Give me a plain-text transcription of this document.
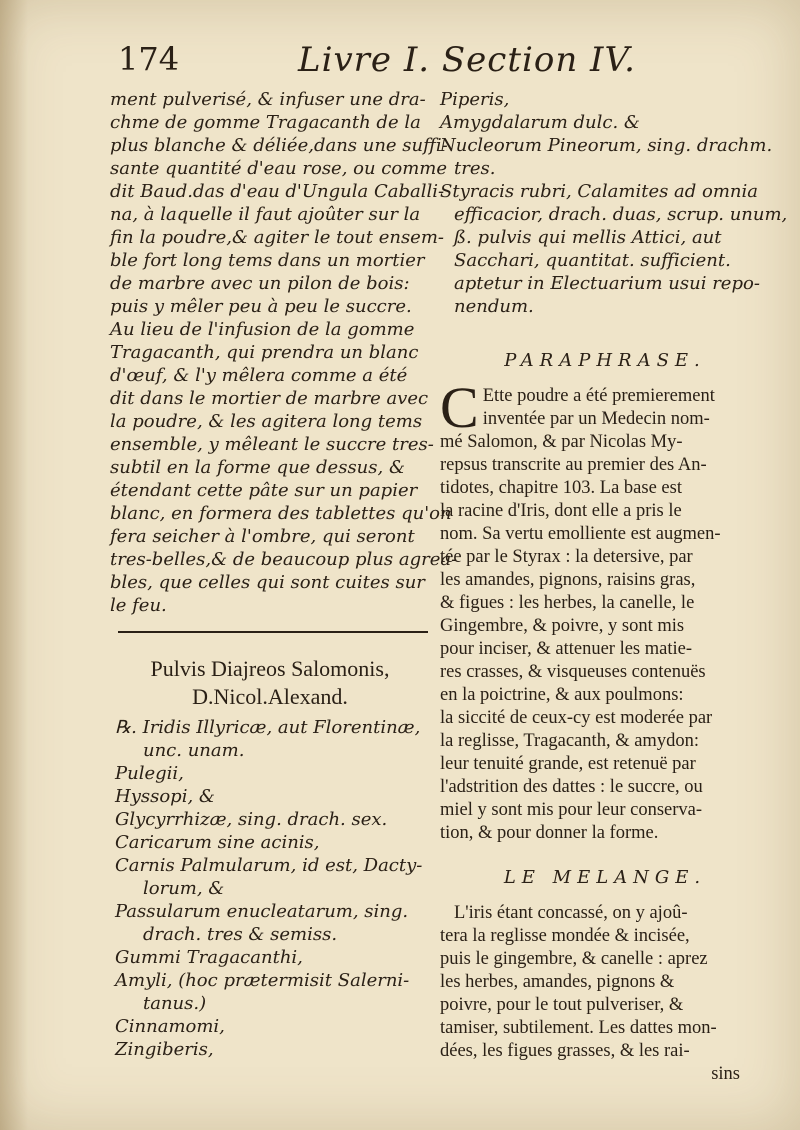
174	Livre I. Section IV.
ment pulverisé, & infuser une dra-
chme de gomme Tragacanth de la
plus blanche & déliée,dans une suffi-
sante quantité d'eau rose, ou comme
dit Baud.das d'eau d'Ungula Caballi-
na, à laquelle il faut ajoûter sur la
fin la poudre,& agiter le tout ensem-
ble fort long tems dans un mortier
de marbre avec un pilon de bois:
puis y mêler peu à peu le succre.
Au lieu de l'infusion de la gomme
Tragacanth, qui prendra un blanc
d'œuf, & l'y mêlera comme a été
dit dans le mortier de marbre avec
la poudre, & les agitera long tems
ensemble, y mêleant le succre tres-
subtil en la forme que dessus, &
étendant cette pâte sur un papier
blanc, en formera des tablettes qu'on
fera seicher à l'ombre, qui seront
tres-belles,& de beaucoup plus agrea-
bles, que celles qui sont cuites sur
le feu.
Pulvis Diajreos Salomonis,
D.Nicol.Alexand.
℞. Iridis Illyricæ, aut Florentinæ,
unc. unam.
Pulegii,
Hyssopi, &
Glycyrrhizæ, sing. drach. sex.
Caricarum sine acinis,
Carnis Palmularum, id est, Dacty-
lorum, &
Passularum enucleatarum, sing.
drach. tres & semiss.
Gummi Tragacanthi,
Amyli, (hoc prætermisit Salerni-
tanus.)
Cinnamomi,
Zingiberis,
Piperis,
Amygdalarum dulc. &
Nucleorum Pineorum, sing. drachm.
tres.
Styracis rubri, Calamites ad omnia
efficacior, drach. duas, scrup. unum,
ß. pulvis qui mellis Attici, aut
Sacchari, quantitat. sufficient.
aptetur in Electuarium usui repo-
nendum.
PARAPHRASE.
C Ette poudre a été premierement
inventée par un Medecin nom-
mé Salomon, & par Nicolas My-
repsus transcrite au premier des An-
tidotes, chapitre 103. La base est
la racine d'Iris, dont elle a pris le
nom. Sa vertu emolliente est augmen-
tée par le Styrax : la detersive, par
les amandes, pignons, raisins gras,
& figues : les herbes, la canelle, le
Gingembre, & poivre, y sont mis
pour inciser, & attenuer les matie-
res crasses, & visqueuses contenuës
en la poictrine, & aux poulmons:
la siccité de ceux-cy est moderée par
la reglisse, Tragacanth, & amydon:
leur tenuité grande, est retenuë par
l'adstrition des dattes : le succre, ou
miel y sont mis pour leur conserva-
tion, & pour donner la forme.
LE MELANGE.
L'iris étant concassé, on y ajoû-
tera la reglisse mondée & incisée,
puis le gingembre, & canelle : aprez
les herbes, amandes, pignons &
poivre, pour le tout pulveriser, &
tamiser, subtilement. Les dattes mon-
dées, les figues grasses, & les rai-
sins
